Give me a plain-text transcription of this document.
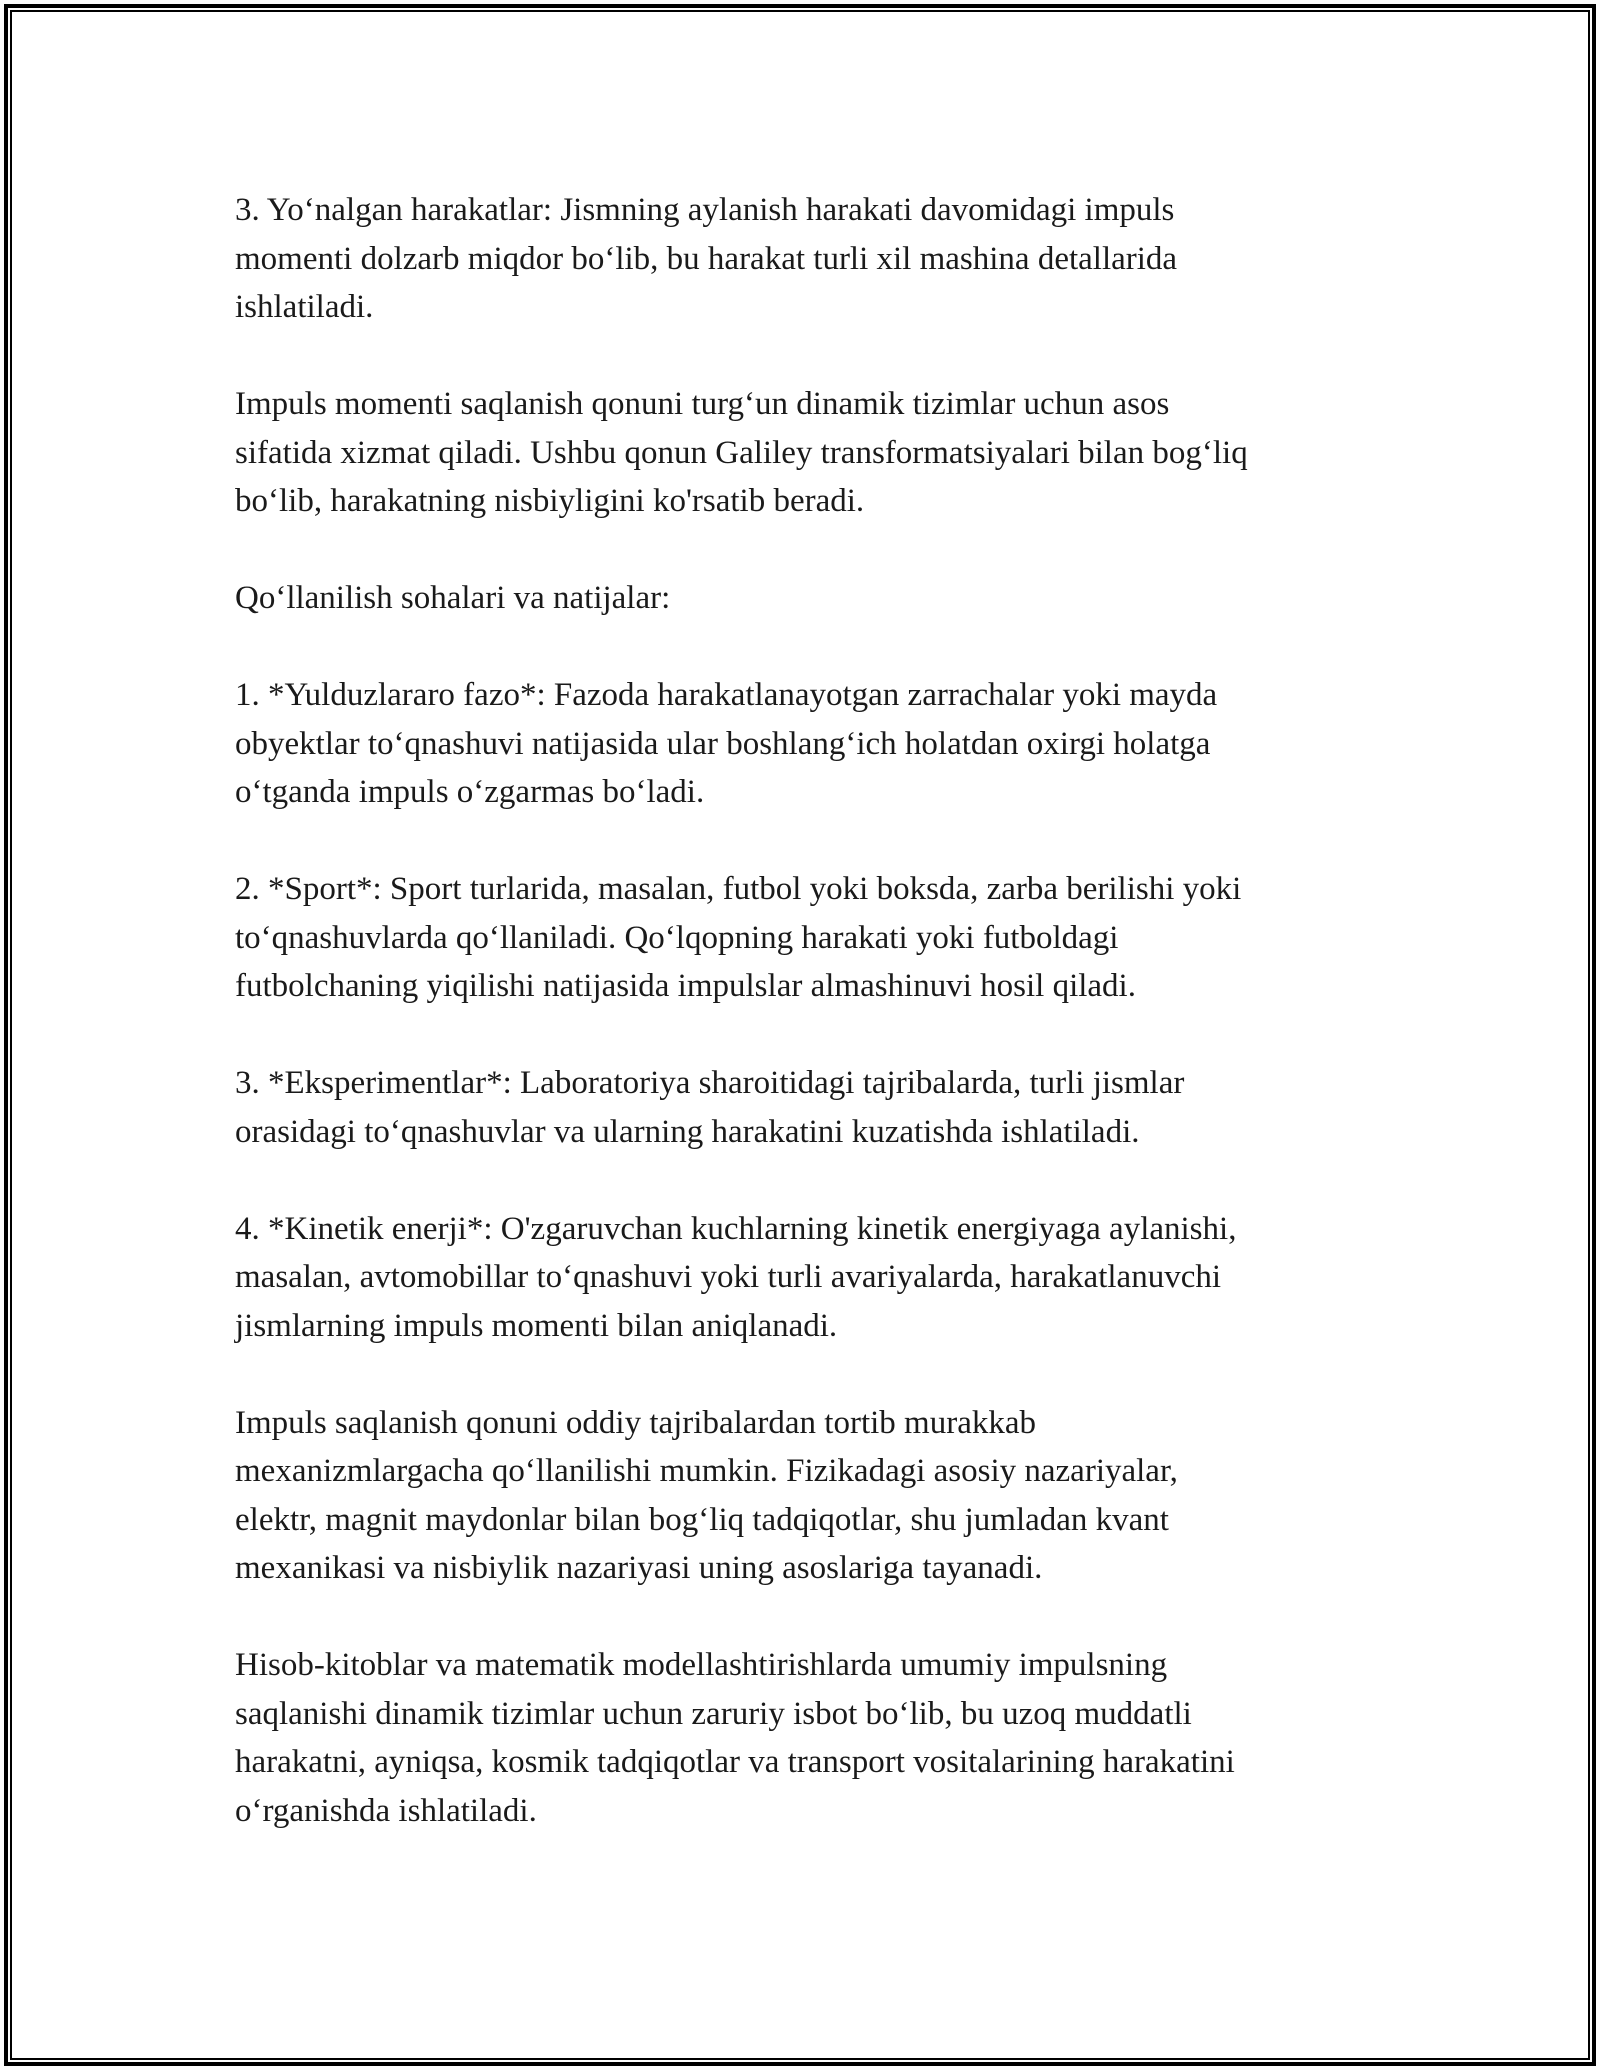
3. Yo‘nalgan harakatlar: Jismning aylanish harakati davomidagi impuls
momenti dolzarb miqdor bo‘lib, bu harakat turli xil mashina detallarida
ishlatiladi.

Impuls momenti saqlanish qonuni turg‘un dinamik tizimlar uchun asos
sifatida xizmat qiladi. Ushbu qonun Galiley transformatsiyalari bilan bog‘liq
bo‘lib, harakatning nisbiyligini ko'rsatib beradi.

Qo‘llanilish sohalari va natijalar:

1. *Yulduzlararo fazo*: Fazoda harakatlanayotgan zarrachalar yoki mayda
obyektlar to‘qnashuvi natijasida ular boshlang‘ich holatdan oxirgi holatga
o‘tganda impuls o‘zgarmas bo‘ladi.

2. *Sport*: Sport turlarida, masalan, futbol yoki boksda, zarba berilishi yoki
to‘qnashuvlarda qo‘llaniladi. Qo‘lqopning harakati yoki futboldagi
futbolchaning yiqilishi natijasida impulslar almashinuvi hosil qiladi.

3. *Eksperimentlar*: Laboratoriya sharoitidagi tajribalarda, turli jismlar
orasidagi to‘qnashuvlar va ularning harakatini kuzatishda ishlatiladi.

4. *Kinetik enerji*: O'zgaruvchan kuchlarning kinetik energiyaga aylanishi,
masalan, avtomobillar to‘qnashuvi yoki turli avariyalarda, harakatlanuvchi
jismlarning impuls momenti bilan aniqlanadi.

Impuls saqlanish qonuni oddiy tajribalardan tortib murakkab
mexanizmlargacha qo‘llanilishi mumkin. Fizikadagi asosiy nazariyalar,
elektr, magnit maydonlar bilan bog‘liq tadqiqotlar, shu jumladan kvant
mexanikasi va nisbiylik nazariyasi uning asoslariga tayanadi.

Hisob-kitoblar va matematik modellashtirishlarda umumiy impulsning
saqlanishi dinamik tizimlar uchun zaruriy isbot bo‘lib, bu uzoq muddatli
harakatni, ayniqsa, kosmik tadqiqotlar va transport vositalarining harakatini
o‘rganishda ishlatiladi.
